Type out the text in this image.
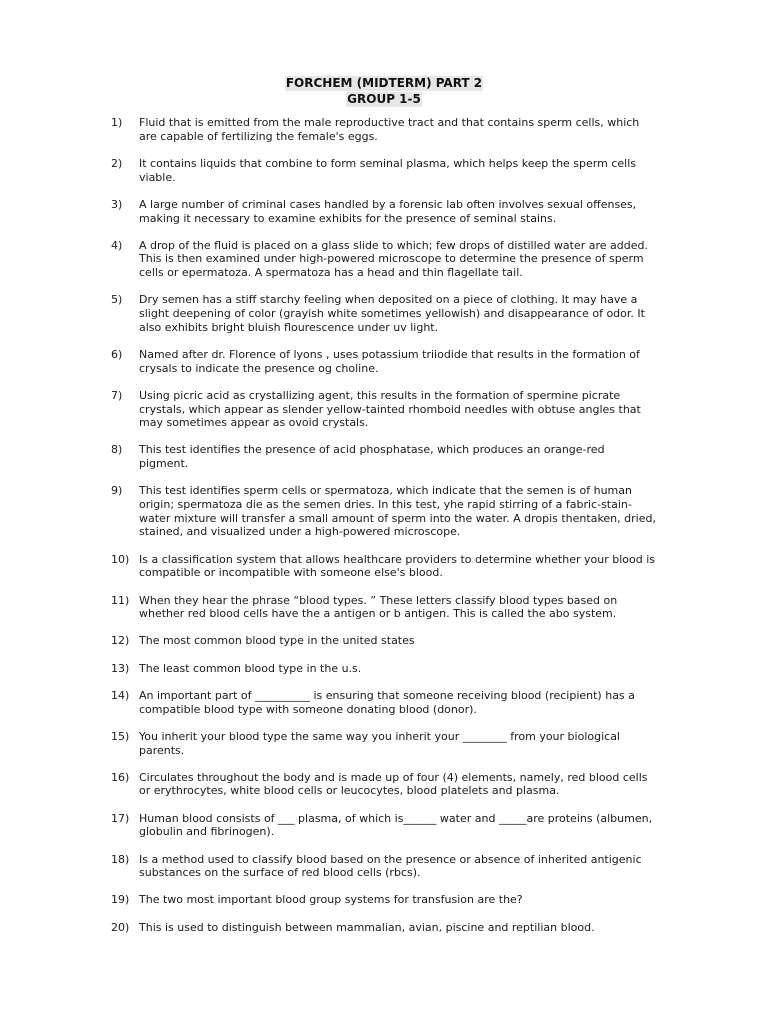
FORCHEM (MIDTERM) PART 2
GROUP 1-5
1)	Fluid that is emitted from the male reproductive tract and that contains sperm cells, which are capable of fertilizing the female's eggs.
2)	It contains liquids that combine to form seminal plasma, which helps keep the sperm cells viable.
3)	A large number of criminal cases handled by a forensic lab often involves sexual offenses, making it necessary to examine exhibits for the presence of seminal stains.
4)	A drop of the fluid is placed on a glass slide to which; few drops of distilled water are added. This is then examined under high-powered microscope to determine the presence of sperm cells or epermatoza. A spermatoza has a head and thin flagellate tail.
5)	Dry semen has a stiff starchy feeling when deposited on a piece of clothing. It may have a slight deepening of color (grayish white sometimes yellowish) and disappearance of odor. It also exhibits bright bluish flourescence under uv light.
6)	Named after dr. Florence of lyons , uses potassium triiodide that results in the formation of crysals to indicate the presence og choline.
7)	Using picric acid as crystallizing agent, this results in the formation of spermine picrate crystals, which appear as slender yellow-tainted rhomboid needles with obtuse angles that may sometimes appear as ovoid crystals.
8)	This test identifies the presence of acid phosphatase, which produces an orange-red pigment.
9)	This test identifies sperm cells or spermatoza, which indicate that the semen is of human origin; spermatoza die as the semen dries. In this test, yhe rapid stirring of a fabric-stain-water mixture will transfer a small amount of sperm into the water. A dropis thentaken, dried, stained, and visualized under a high-powered microscope.
10) Is a classification system that allows healthcare providers to determine whether your blood is compatible or incompatible with someone else's blood.
11) When they hear the phrase “blood types. ” These letters classify blood types based on whether red blood cells have the a antigen or b antigen. This is called the abo system.
12) The most common blood type in the united states
13) The least common blood type in the u.s.
14) An important part of __________ is ensuring that someone receiving blood (recipient) has a compatible blood type with someone donating blood (donor).
15) You inherit your blood type the same way you inherit your ________ from your biological parents.
16) Circulates throughout the body and is made up of four (4) elements, namely, red blood cells or erythrocytes, white blood cells or leucocytes, blood platelets and plasma.
17) Human blood consists of ___ plasma, of which is______ water and _____are proteins (albumen, globulin and fibrinogen).
18) Is a method used to classify blood based on the presence or absence of inherited antigenic substances on the surface of red blood cells (rbcs).
19) The two most important blood group systems for transfusion are the?
20) This is used to distinguish between mammalian, avian, piscine and reptilian blood.
